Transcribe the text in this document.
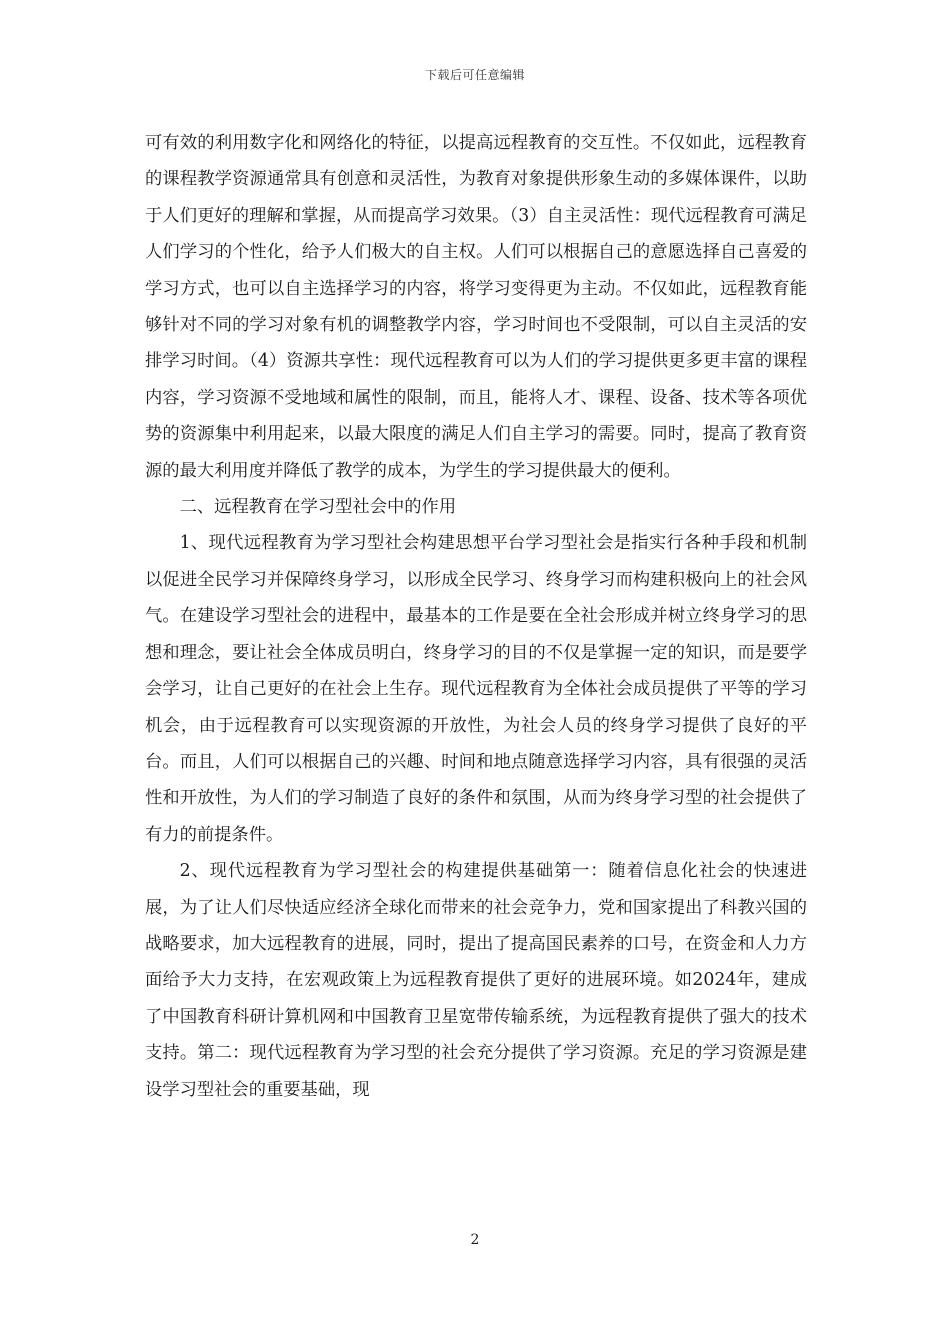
下载后可任意编辑

可有效的利用数字化和网络化的特征，以提高远程教育的交互性。不仅如此，远程教育的课程教学资源通常具有创意和灵活性，为教育对象提供形象生动的多媒体课件，以助于人们更好的理解和掌握，从而提高学习效果。（3）自主灵活性：现代远程教育可满足人们学习的个性化，给予人们极大的自主权。人们可以根据自己的意愿选择自己喜爱的学习方式，也可以自主选择学习的内容，将学习变得更为主动。不仅如此，远程教育能够针对不同的学习对象有机的调整教学内容，学习时间也不受限制，可以自主灵活的安排学习时间。（4）资源共享性：现代远程教育可以为人们的学习提供更多更丰富的课程内容，学习资源不受地域和属性的限制，而且，能将人才、课程、设备、技术等各项优势的资源集中利用起来，以最大限度的满足人们自主学习的需要。同时，提高了教育资源的最大利用度并降低了教学的成本，为学生的学习提供最大的便利。

二、远程教育在学习型社会中的作用

1、现代远程教育为学习型社会构建思想平台学习型社会是指实行各种手段和机制以促进全民学习并保障终身学习，以形成全民学习、终身学习而构建积极向上的社会风气。在建设学习型社会的进程中，最基本的工作是要在全社会形成并树立终身学习的思想和理念，要让社会全体成员明白，终身学习的目的不仅是掌握一定的知识，而是要学会学习，让自己更好的在社会上生存。现代远程教育为全体社会成员提供了平等的学习机会，由于远程教育可以实现资源的开放性，为社会人员的终身学习提供了良好的平台。而且，人们可以根据自己的兴趣、时间和地点随意选择学习内容，具有很强的灵活性和开放性，为人们的学习制造了良好的条件和氛围，从而为终身学习型的社会提供了有力的前提条件。

2、现代远程教育为学习型社会的构建提供基础第一：随着信息化社会的快速进展，为了让人们尽快适应经济全球化而带来的社会竞争力，党和国家提出了科教兴国的战略要求，加大远程教育的进展，同时，提出了提高国民素养的口号，在资金和人力方面给予大力支持，在宏观政策上为远程教育提供了更好的进展环境。如2024年，建成了中国教育科研计算机网和中国教育卫星宽带传输系统，为远程教育提供了强大的技术支持。第二：现代远程教育为学习型的社会充分提供了学习资源。充足的学习资源是建设学习型社会的重要基础，现

2
